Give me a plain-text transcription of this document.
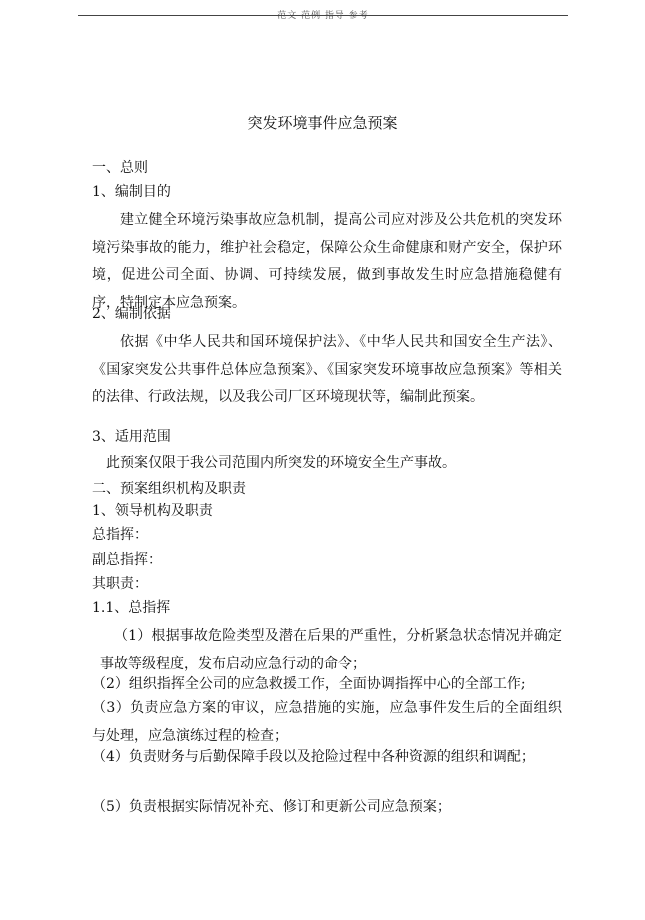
范文 范例 指导 参考
突发环境事件应急预案
一、总则
1、编制目的
建立健全环境污染事故应急机制，提高公司应对涉及公共危机的突发环境污染事故的能力，维护社会稳定，保障公众生命健康和财产安全，保护环境，促进公司全面、协调、可持续发展，做到事故发生时应急措施稳健有序，特制定本应急预案。
2、编制依据
依据《中华人民共和国环境保护法》、《中华人民共和国安全生产法》、《国家突发公共事件总体应急预案》、《国家突发环境事故应急预案》等相关的法律、行政法规，以及我公司厂区环境现状等，编制此预案。
3、适用范围
此预案仅限于我公司范围内所突发的环境安全生产事故。
二、预案组织机构及职责
1、领导机构及职责
总指挥：
副总指挥：
其职责：
1.1、总指挥
（1）根据事故危险类型及潜在后果的严重性，分析紧急状态情况并确定事故等级程度，发布启动应急行动的命令；
（2）组织指挥全公司的应急救援工作，全面协调指挥中心的全部工作;
（3）负责应急方案的审议，应急措施的实施，应急事件发生后的全面组织与处理，应急演练过程的检查；
（4）负责财务与后勤保障手段以及抢险过程中各种资源的组织和调配；
（5）负责根据实际情况补充、修订和更新公司应急预案；
